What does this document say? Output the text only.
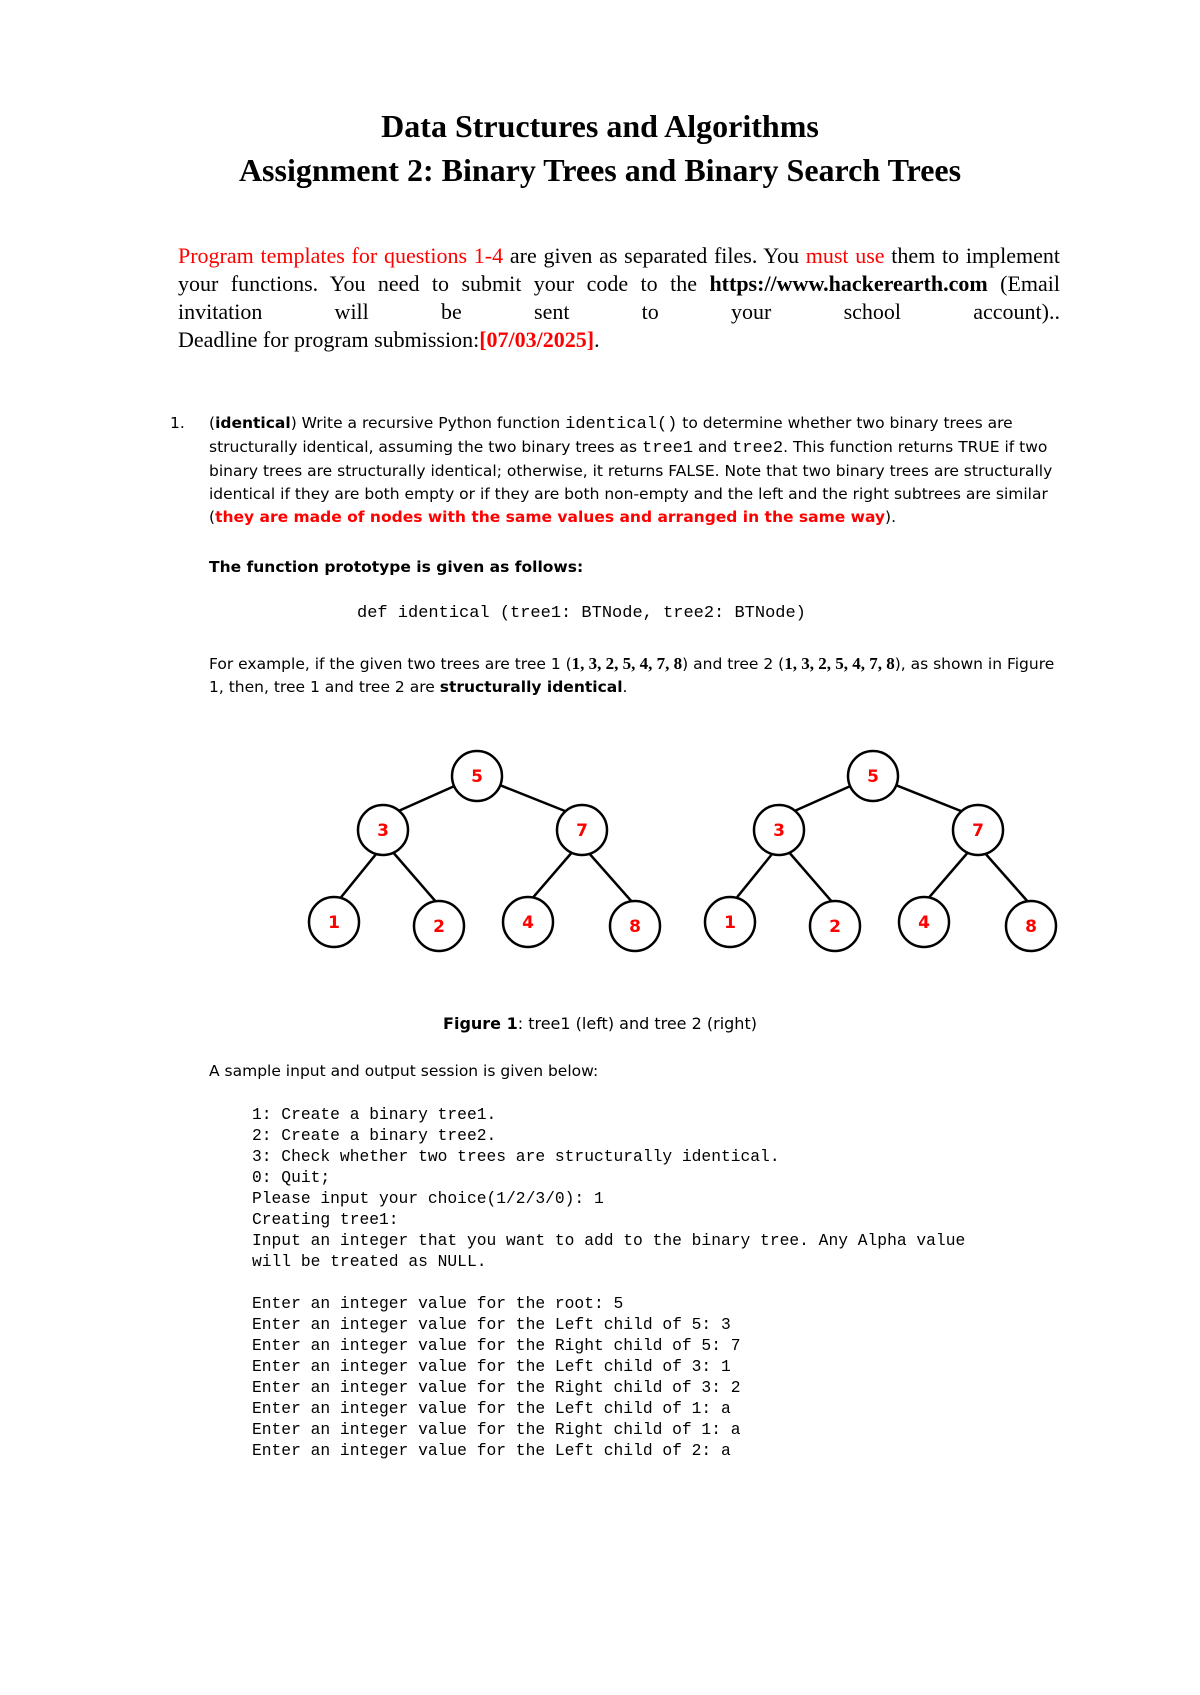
Data Structures and Algorithms
Assignment 2: Binary Trees and Binary Search Trees

Program templates for questions 1-4 are given as separated files. You must use them to implement your functions. You need to submit your code to the https://www.hackerearth.com (Email invitation will be sent to your school account)..

Deadline for program submission:[07/03/2025].

1. (identical) Write a recursive Python function identical() to determine whether two binary trees are structurally identical, assuming the two binary trees as tree1 and tree2. This function returns TRUE if two binary trees are structurally identical; otherwise, it returns FALSE. Note that two binary trees are structurally identical if they are both empty or if they are both non-empty and the left and the right subtrees are similar (they are made of nodes with the same values and arranged in the same way).
The function prototype is given as follows:
def identical (tree1: BTNode, tree2: BTNode)
For example, if the given two trees are tree 1 (1, 3, 2, 5, 4, 7, 8) and tree 2 (1, 3, 2, 5, 4, 7, 8), as shown in Figure 1, then, tree 1 and tree 2 are structurally identical.
5
3	7
1	2	4	8
5
3	7
1	2	4	8
Figure 1: tree1 (left) and tree 2 (right)
A sample input and output session is given below:
1: Create a binary tree1.
2: Create a binary tree2.
3: Check whether two trees are structurally identical.
0: Quit;
Please input your choice(1/2/3/0): 1
Creating tree1:
Input an integer that you want to add to the binary tree. Any Alpha value
will be treated as NULL.
Enter an integer value for the root: 5
Enter an integer value for the Left child of 5: 3
Enter an integer value for the Right child of 5: 7
Enter an integer value for the Left child of 3: 1
Enter an integer value for the Right child of 3: 2
Enter an integer value for the Left child of 1: a
Enter an integer value for the Right child of 1: a
Enter an integer value for the Left child of 2: a
